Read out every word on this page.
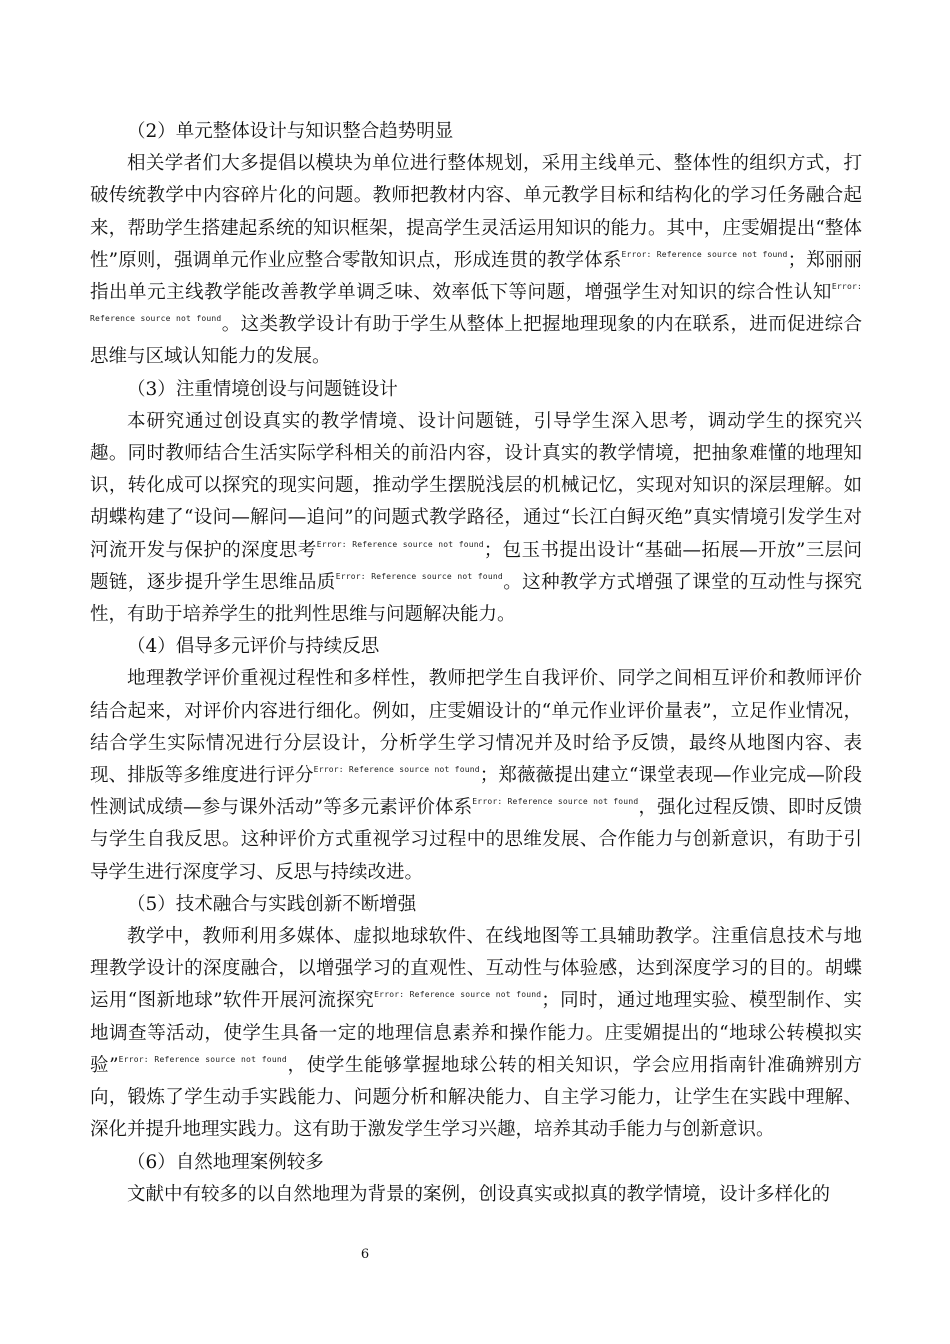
（2）单元整体设计与知识整合趋势明显

相关学者们大多提倡以模块为单位进行整体规划，采用主线单元、整体性的组织方式，打破传统教学中内容碎片化的问题。教师把教材内容、单元教学目标和结构化的学习任务融合起来，帮助学生搭建起系统的知识框架，提高学生灵活运用知识的能力。其中，庄雯媚提出“整体性”原则，强调单元作业应整合零散知识点，形成连贯的教学体系$^{Error: Reference source not found}$；郑丽丽指出单元主线教学能改善教学单调乏味、效率低下等问题，增强学生对知识的综合性认知$^{Error: Reference source not found}$。这类教学设计有助于学生从整体上把握地理现象的内在联系，进而促进综合思维与区域认知能力的发展。

（3）注重情境创设与问题链设计

本研究通过创设真实的教学情境、设计问题链，引导学生深入思考，调动学生的探究兴趣。同时教师结合生活实际学科相关的前沿内容，设计真实的教学情境，把抽象难懂的地理知识，转化成可以探究的现实问题，推动学生摆脱浅层的机械记忆，实现对知识的深层理解。如胡蝶构建了“设问—解问—追问”的问题式教学路径，通过“长江白鲟灭绝”真实情境引发学生对河流开发与保护的深度思考$^{Error: Reference source not found}$；包玉书提出设计“基础—拓展—开放”三层问题链，逐步提升学生思维品质$^{Error: Reference source not found}$。这种教学方式增强了课堂的互动性与探究性，有助于培养学生的批判性思维与问题解决能力。

（4）倡导多元评价与持续反思

地理教学评价重视过程性和多样性，教师把学生自我评价、同学之间相互评价和教师评价结合起来，对评价内容进行细化。例如，庄雯媚设计的“单元作业评价量表”，立足作业情况，结合学生实际情况进行分层设计，分析学生学习情况并及时给予反馈，最终从地图内容、表现、排版等多维度进行评分$^{Error: Reference source not found}$；郑薇薇提出建立“课堂表现—作业完成—阶段性测试成绩—参与课外活动”等多元素评价体系$^{Error: Reference source not found}$，强化过程反馈、即时反馈与学生自我反思。这种评价方式重视学习过程中的思维发展、合作能力与创新意识，有助于引导学生进行深度学习、反思与持续改进。

（5）技术融合与实践创新不断增强

教学中，教师利用多媒体、虚拟地球软件、在线地图等工具辅助教学。注重信息技术与地理教学设计的深度融合，以增强学习的直观性、互动性与体验感，达到深度学习的目的。胡蝶运用“图新地球”软件开展河流探究$^{Error: Reference source not found}$；同时，通过地理实验、模型制作、实地调查等活动，使学生具备一定的地理信息素养和操作能力。庄雯媚提出的“地球公转模拟实验”$^{Error: Reference source not found}$，使学生能够掌握地球公转的相关知识，学会应用指南针准确辨别方向，锻炼了学生动手实践能力、问题分析和解决能力、自主学习能力，让学生在实践中理解、深化并提升地理实践力。这有助于激发学生学习兴趣，培养其动手能力与创新意识。

（6）自然地理案例较多

文献中有较多的以自然地理为背景的案例，创设真实或拟真的教学情境，设计多样化的

6
